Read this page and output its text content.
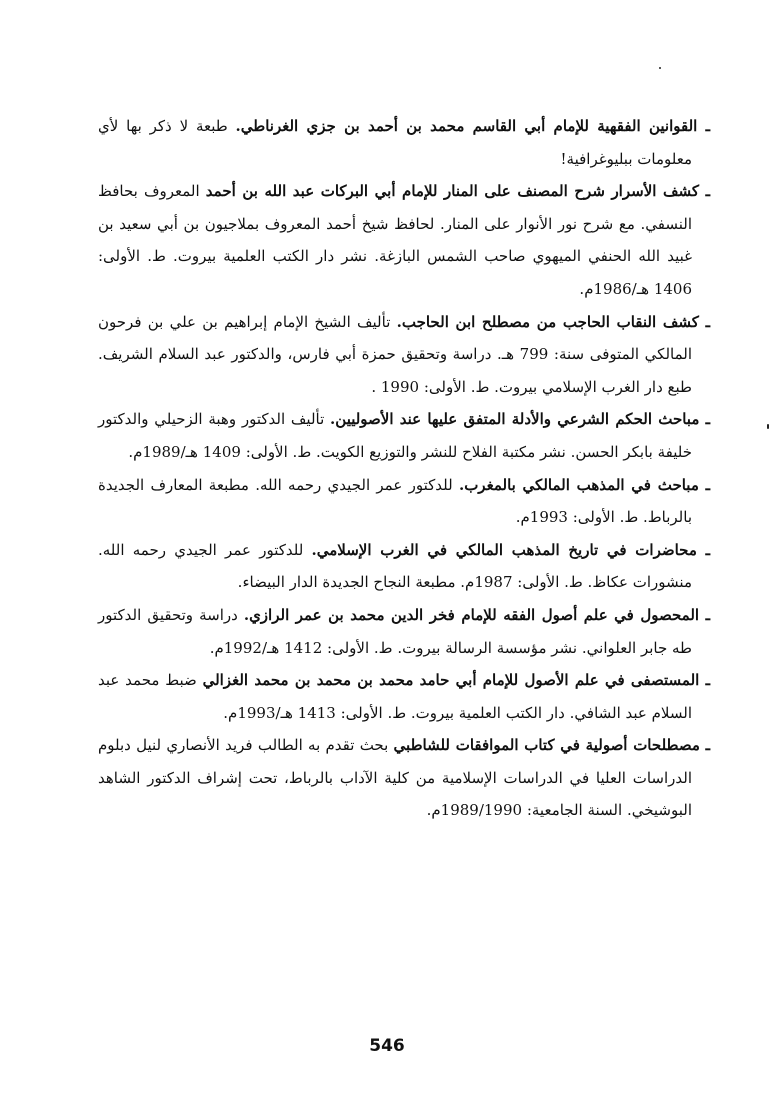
ـ القوانين الفقهية للإمام أبي القاسم محمد بن أحمد بن جزي الغرناطي. طبعة لا ذكر بها لأي معلومات ببليوغرافية!

ـ كشف الأسرار شرح المصنف على المنار للإمام أبي البركات عبد الله بن أحمد المعروف بحافظ النسفي. مع شرح نور الأنوار على المنار. لحافظ شيخ أحمد المعروف بملاجيون بن أبي سعيد بن غبيد الله الحنفي الميهوي صاحب الشمس البازغة. نشر دار الكتب العلمية بيروت. ط. الأولى: 1406 هـ/1986م.

ـ كشف النقاب الحاجب من مصطلح ابن الحاجب. تأليف الشيخ الإمام إبراهيم بن علي بن فرحون المالكي المتوفى سنة: 799 هـ. دراسة وتحقيق حمزة أبي فارس، والدكتور عبد السلام الشريف. طبع دار الغرب الإسلامي بيروت. ط. الأولى: 1990 .

ـ مباحث الحكم الشرعي والأدلة المتفق عليها عند الأصوليين. تأليف الدكتور وهبة الزحيلي والدكتور خليفة بابكر الحسن. نشر مكتبة الفلاح للنشر والتوزيع الكويت. ط. الأولى: 1409 هـ/1989م.

ـ مباحث في المذهب المالكي بالمغرب. للدكتور عمر الجيدي رحمه الله. مطبعة المعارف الجديدة بالرباط. ط. الأولى: 1993م.

ـ محاضرات في تاريخ المذهب المالكي في الغرب الإسلامي. للدكتور عمر الجيدي رحمه الله. منشورات عكاظ. ط. الأولى: 1987م. مطبعة النجاح الجديدة الدار البيضاء.

ـ المحصول في علم أصول الفقه للإمام فخر الدين محمد بن عمر الرازي. دراسة وتحقيق الدكتور طه جابر العلواني. نشر مؤسسة الرسالة بيروت. ط. الأولى: 1412 هـ/1992م.

ـ المستصفى في علم الأصول للإمام أبي حامد محمد بن محمد بن محمد الغزالي ضبط محمد عبد السلام عبد الشافي. دار الكتب العلمية بيروت. ط. الأولى: 1413 هـ/1993م.

ـ مصطلحات أصولية في كتاب الموافقات للشاطبي بحث تقدم به الطالب فريد الأنصاري لنيل دبلوم الدراسات العليا في الدراسات الإسلامية من كلية الآداب بالرباط، تحت إشراف الدكتور الشاهد البوشيخي. السنة الجامعية: 1989/1990م.

546
